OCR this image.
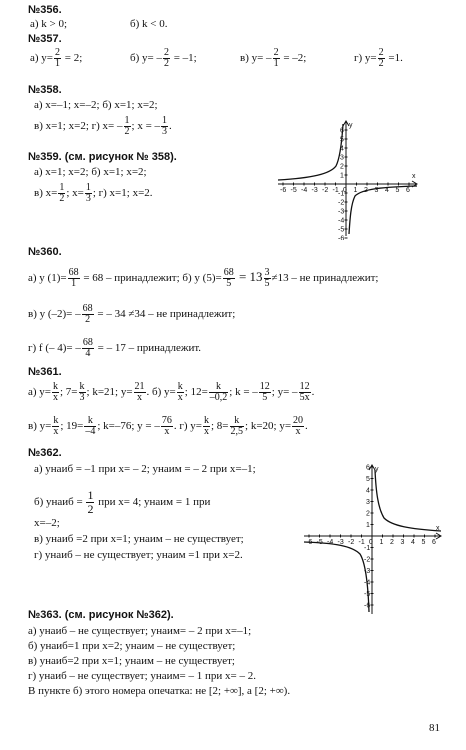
№356.
а) k > 0;	б) k < 0.
№357.
а) $y= \frac{2}{1} = 2$;	б) $y= - \frac{2}{2} = -1$;	в) $y= - \frac{2}{1} = -2$;	г) $y= \frac{2}{2} =1$.
№358.
а) x=–1; x=–2; б) x=1; x=2;
в) x=1; x=2; г) $x= - \frac{1}{2}$ ; x = – $\frac{1}{3}$ .
№359. (см. рисунок № 358).
а) x=1; x=2; б) x=1; x=2;
в) $x= \frac{1}{2}$ ; $x= \frac{1}{3}$ ; г) x=1; x=2.
x
y
-6 -5 -4 -3 -2 -1 0 1 2 3 4 5 6
6
5
4
3
2
1
-1
-2
-3
-4
-5
-6
№360.
а) y $(1)= \frac{68}{1} = 68$ – принадлежит; б) y $(5)= \frac{68}{5} = 13 \frac{3}{5} \ne 13$ – не принадлежит;
в) y $(-2)= - \frac{68}{2}$ = – 34 ≠34 – не принадлежит;
г) f (– $4)= - \frac{68}{4}$ = – 17 – принадлежит.
№361.
а) $y= \frac{k}{x}$ ; $7= \frac{k}{3}$ ; k=21; $y= \frac{21}{x}$ . б) $y= \frac{k}{x}$ ; $12= \frac{k}{-0,2}$ ; k = – $\frac{12}{5}$ ; $y= - \frac{12}{5x}$ .
в) $y= \frac{k}{x}$ ; $19= \frac{k}{-4}$ ; k=–76; y = – $\frac{76}{x}$ . г) $y= \frac{k}{x}$ ; $8= \frac{k}{2,5}$ ; k=20; $y= \frac{20}{x}$ .
№362.
а) yнаиб = –1 при x= – 2; yнаим = – 2 при x=–1;
б) yнаиб = $\frac{1}{2}$ при x= 4; yнаим = 1 при
x=–2;
в) yнаиб =2 при x=1; yнаим – не существует;
г) yнаиб – не существует; yнаим =1 при x=2.
x
y
-6 -5 -4 -3 -2 -1 0 1 2 3 4 5 6
6
5
4
3
2
1
-1
-2
-3
-4
-5
-6
№363. (см. рисунок №362).
а) yнаиб – не существует; yнаим= – 2 при x=–1;
б) yнаиб=1 при x=2; yнаим – не существует;
в) yнаиб=2 при x=1; yнаим – не существует;
г) yнаиб – не существует; yнаим= – 1 при x= – 2.
В пункте б) этого номера опечатка: не [2; +∞], а [2; +∞).
81
